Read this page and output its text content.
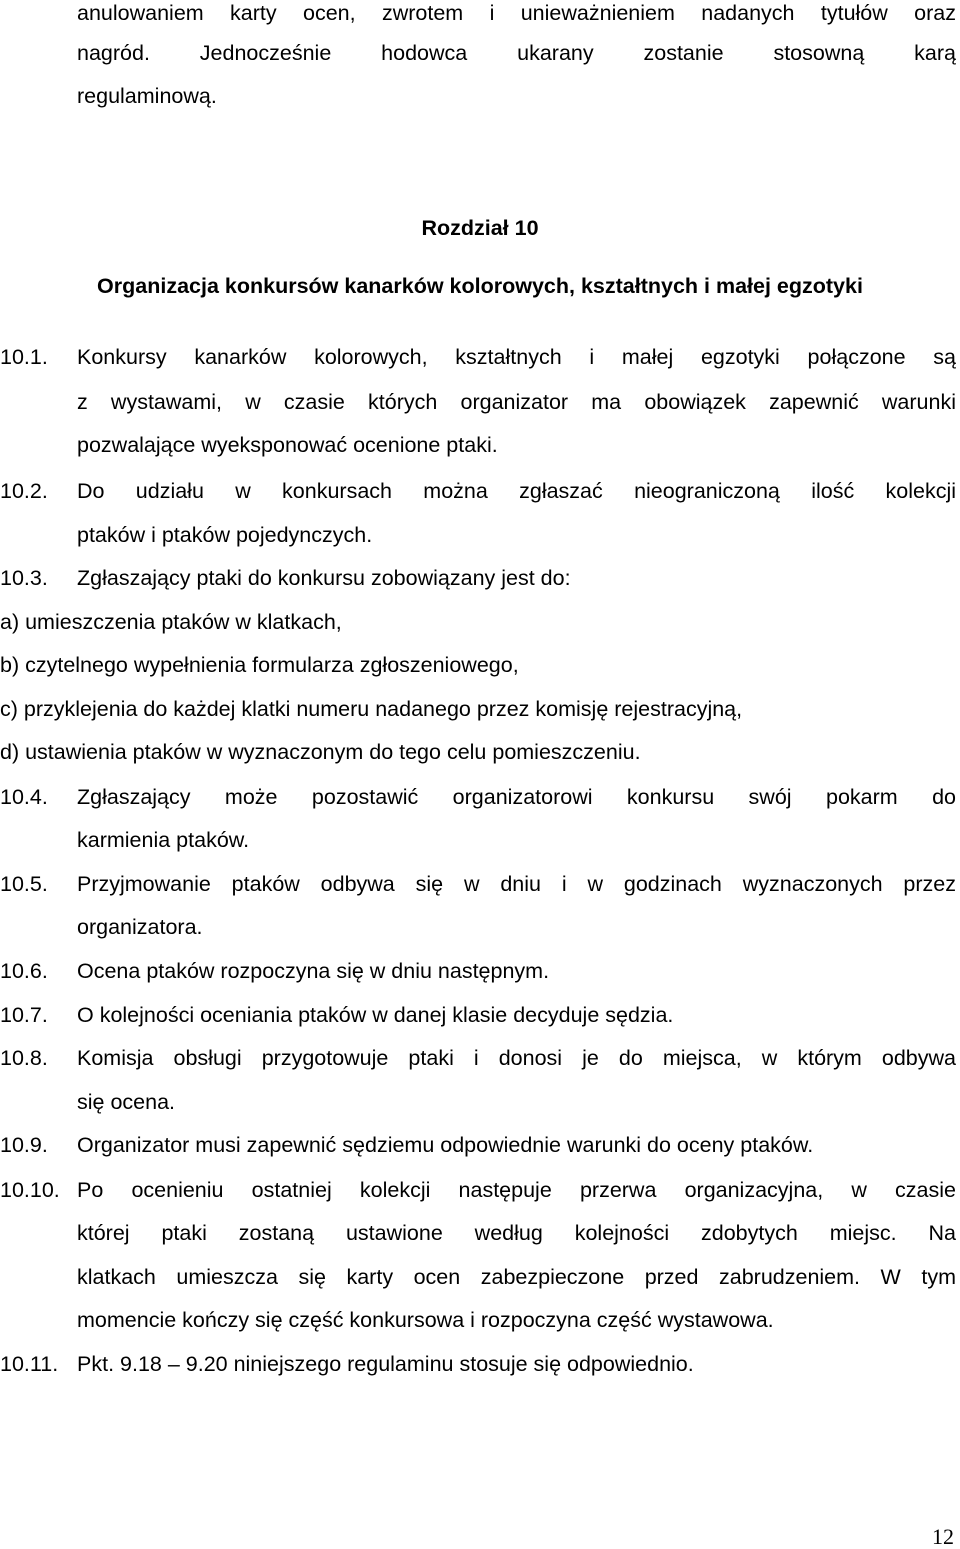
anulowaniem karty ocen, zwrotem i unieważnieniem nadanych tytułów oraz
nagród. Jednocześnie hodowca ukarany zostanie stosowną karą
regulaminową.
Rozdział 10
Organizacja konkursów kanarków kolorowych, kształtnych i małej egzotyki
10.1. Konkursy kanarków kolorowych, kształtnych i małej egzotyki połączone są
z wystawami, w czasie których organizator ma obowiązek zapewnić warunki
pozwalające wyeksponować ocenione ptaki.
10.2. Do udziału w konkursach można zgłaszać nieograniczoną ilość kolekcji
ptaków i ptaków pojedynczych.
10.3. Zgłaszający ptaki do konkursu zobowiązany jest do:
a) umieszczenia ptaków w klatkach,
b) czytelnego wypełnienia formularza zgłoszeniowego,
c) przyklejenia do każdej klatki numeru nadanego przez komisję rejestracyjną,
d) ustawienia ptaków w wyznaczonym do tego celu pomieszczeniu.
10.4. Zgłaszający może pozostawić organizatorowi konkursu swój pokarm do
karmienia ptaków.
10.5. Przyjmowanie ptaków odbywa się w dniu i w godzinach wyznaczonych przez
organizatora.
10.6. Ocena ptaków rozpoczyna się w dniu następnym.
10.7. O kolejności oceniania ptaków w danej klasie decyduje sędzia.
10.8. Komisja obsługi przygotowuje ptaki i donosi je do miejsca, w którym odbywa
się ocena.
10.9. Organizator musi zapewnić sędziemu odpowiednie warunki do oceny ptaków.
10.10. Po ocenieniu ostatniej kolekcji następuje przerwa organizacyjna, w czasie
której ptaki zostaną ustawione według kolejności zdobytych miejsc. Na
klatkach umieszcza się karty ocen zabezpieczone przed zabrudzeniem. W tym
momencie kończy się część konkursowa i rozpoczyna część wystawowa.
10.11. Pkt. 9.18 – 9.20 niniejszego regulaminu stosuje się odpowiednio.
12
